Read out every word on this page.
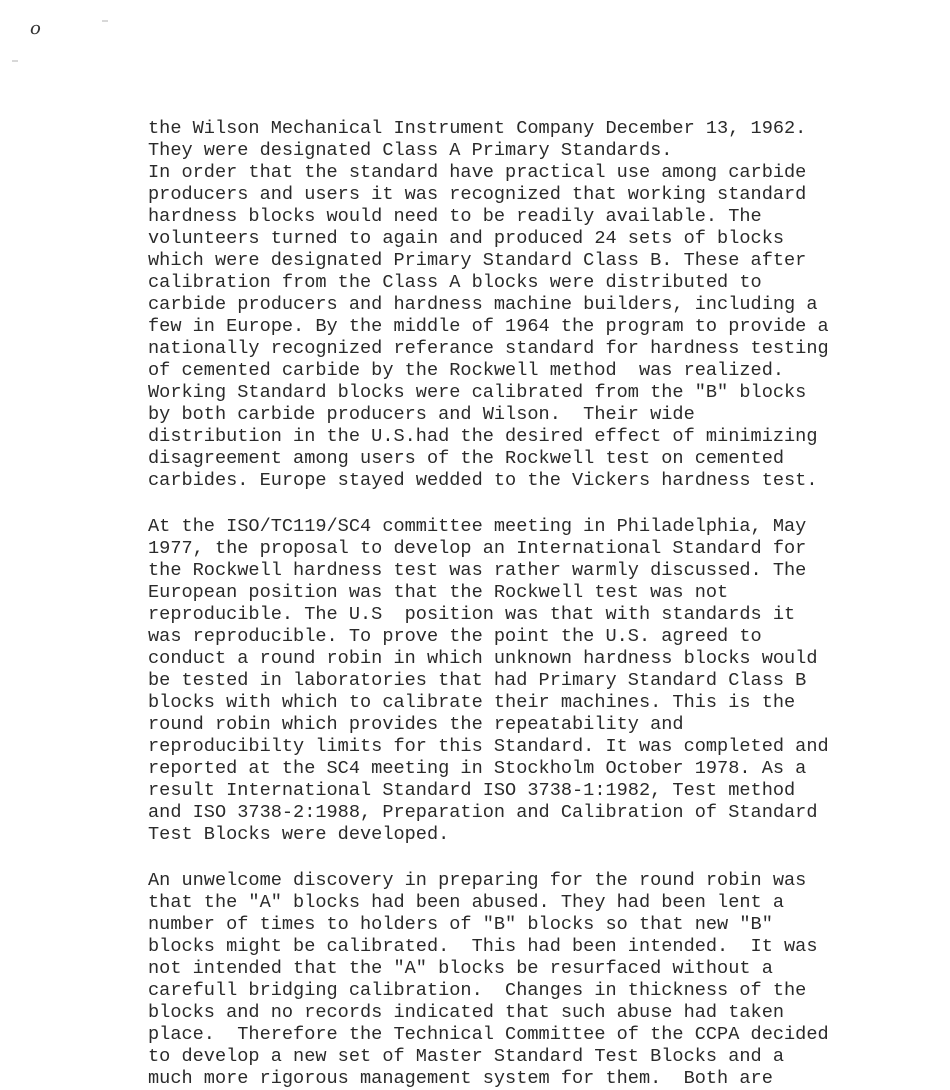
o

the Wilson Mechanical Instrument Company December 13, 1962.
They were designated Class A Primary Standards.
In order that the standard have practical use among carbide
producers and users it was recognized that working standard
hardness blocks would need to be readily available. The
volunteers turned to again and produced 24 sets of blocks
which were designated Primary Standard Class B. These after
calibration from the Class A blocks were distributed to
carbide producers and hardness machine builders, including a
few in Europe. By the middle of 1964 the program to provide a
nationally recognized referance standard for hardness testing
of cemented carbide by the Rockwell method  was realized.
Working Standard blocks were calibrated from the "B" blocks
by both carbide producers and Wilson.  Their wide
distribution in the U.S.had the desired effect of minimizing
disagreement among users of the Rockwell test on cemented
carbides. Europe stayed wedded to the Vickers hardness test.

At the ISO/TC119/SC4 committee meeting in Philadelphia, May
1977, the proposal to develop an International Standard for
the Rockwell hardness test was rather warmly discussed. The
European position was that the Rockwell test was not
reproducible. The U.S  position was that with standards it
was reproducible. To prove the point the U.S. agreed to
conduct a round robin in which unknown hardness blocks would
be tested in laboratories that had Primary Standard Class B
blocks with which to calibrate their machines. This is the
round robin which provides the repeatability and
reproducibilty limits for this Standard. It was completed and
reported at the SC4 meeting in Stockholm October 1978. As a
result International Standard ISO 3738-1:1982, Test method
and ISO 3738-2:1988, Preparation and Calibration of Standard
Test Blocks were developed.

An unwelcome discovery in preparing for the round robin was
that the "A" blocks had been abused. They had been lent a
number of times to holders of "B" blocks so that new "B"
blocks might be calibrated.  This had been intended.  It was
not intended that the "A" blocks be resurfaced without a
carefull bridging calibration.  Changes in thickness of the
blocks and no records indicated that such abuse had taken
place.  Therefore the Technical Committee of the CCPA decided
to develop a new set of Master Standard Test Blocks and a
much more rigorous management system for them.  Both are
